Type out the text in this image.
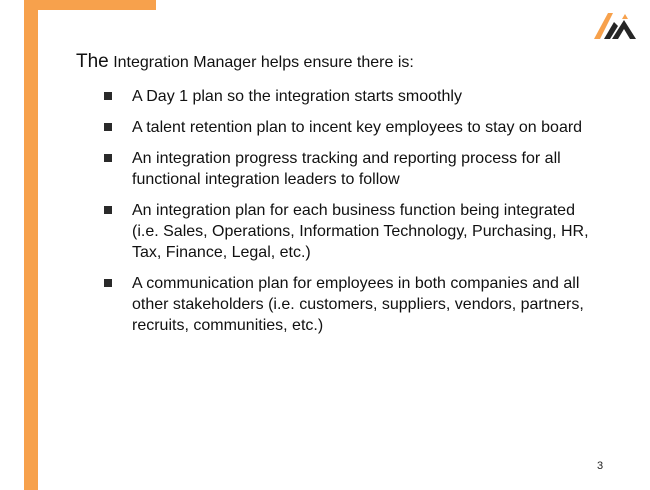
The Integration Manager helps ensure there is:
A Day 1 plan so the integration starts smoothly
A talent retention plan to incent key employees to stay on board
An integration progress tracking and reporting process for all functional integration leaders to follow
An integration plan for each business function being integrated (i.e. Sales, Operations, Information Technology, Purchasing, HR, Tax, Finance, Legal, etc.)
A communication plan for employees in both companies and all other stakeholders (i.e. customers, suppliers, vendors, partners, recruits, communities, etc.)
3
